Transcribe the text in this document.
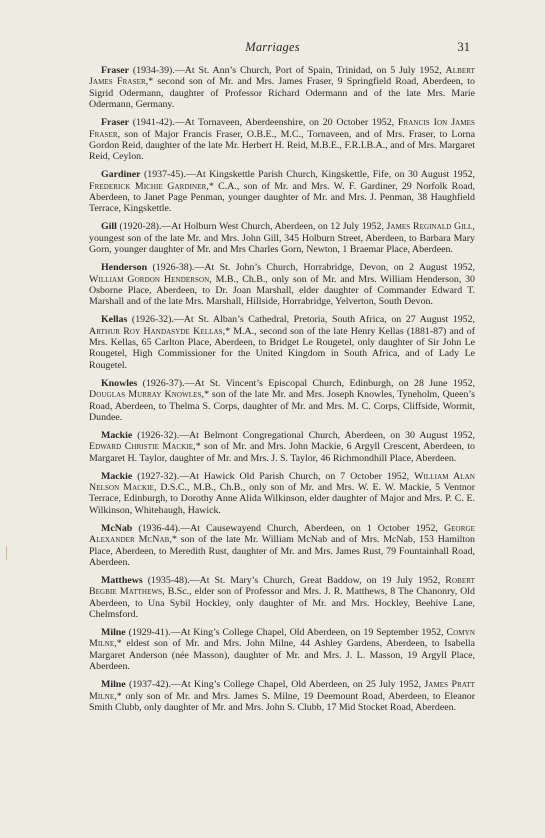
Marriages	31

Fraser (1934-39).—At St. Ann’s Church, Port of Spain, Trinidad, on 5 July 1952, Albert James Fraser,* second son of Mr. and Mrs. James Fraser, 9 Springfield Road, Aberdeen, to Sigrid Odermann, daughter of Professor Richard Odermann and of the late Mrs. Marie Odermann, Germany.

Fraser (1941-42).—At Tornaveen, Aberdeenshire, on 20 October 1952, Francis Ion James Fraser, son of Major Francis Fraser, O.B.E., M.C., Tornaveen, and of Mrs. Fraser, to Lorna Gordon Reid, daughter of the late Mr. Herbert H. Reid, M.B.E., F.R.I.B.A., and of Mrs. Margaret Reid, Ceylon.

Gardiner (1937-45).—At Kingskettle Parish Church, Kingskettle, Fife, on 30 August 1952, Frederick Michie Gardiner,* C.A., son of Mr. and Mrs. W. F. Gardiner, 29 Norfolk Road, Aberdeen, to Janet Page Penman, younger daughter of Mr. and Mrs. J. Penman, 38 Haughfield Terrace, Kingskettle.

Gill (1920-28).—At Holburn West Church, Aberdeen, on 12 July 1952, James Reginald Gill, youngest son of the late Mr. and Mrs. John Gill, 345 Holburn Street, Aberdeen, to Barbara Mary Gorn, younger daughter of Mr. and Mrs Charles Gorn, Newton, 1 Braemar Place, Aberdeen.

Henderson (1926-38).—At St. John’s Church, Horrabridge, Devon, on 2 August 1952, William Gordon Henderson, M.B., Ch.B., only son of Mr. and Mrs. William Henderson, 30 Osborne Place, Aberdeen, to Dr. Joan Marshall, elder daughter of Commander Edward T. Marshall and of the late Mrs. Marshall, Hillside, Horrabridge, Yelverton, South Devon.

Kellas (1926-32).—At St. Alban’s Cathedral, Pretoria, South Africa, on 27 August 1952, Arthur Roy Handasyde Kellas,* M.A., second son of the late Henry Kellas (1881-87) and of Mrs. Kellas, 65 Carlton Place, Aberdeen, to Bridget Le Rougetel, only daughter of Sir John Le Rougetel, High Commissioner for the United Kingdom in South Africa, and of Lady Le Rougetel.

Knowles (1926-37).—At St. Vincent’s Episcopal Church, Edinburgh, on 28 June 1952, Douglas Murray Knowles,* son of the late Mr. and Mrs. Joseph Knowles, Tyneholm, Queen’s Road, Aberdeen, to Thelma S. Corps, daughter of Mr. and Mrs. M. C. Corps, Cliffside, Wormit, Dundee.

Mackie (1926-32).—At Belmont Congregational Church, Aberdeen, on 30 August 1952, Edward Christie Mackie,* son of Mr. and Mrs. John Mackie, 6 Argyll Crescent, Aberdeen, to Margaret H. Taylor, daughter of Mr. and Mrs. J. S. Taylor, 46 Richmondhill Place, Aberdeen.

Mackie (1927-32).—At Hawick Old Parish Church, on 7 October 1952, William Alan Nelson Mackie, D.S.C., M.B., Ch.B., only son of Mr. and Mrs. W. E. W. Mackie, 5 Ventnor Terrace, Edinburgh, to Dorothy Anne Alida Wilkinson, elder daughter of Major and Mrs. P. C. E. Wilkinson, Whitehaugh, Hawick.

McNab (1936-44).—At Causewayend Church, Aberdeen, on 1 October 1952, George Alexander McNab,* son of the late Mr. William McNab and of Mrs. McNab, 153 Hamilton Place, Aberdeen, to Meredith Rust, daughter of Mr. and Mrs. James Rust, 79 Fountainhall Road, Aberdeen.

Matthews (1935-48).—At St. Mary’s Church, Great Baddow, on 19 July 1952, Robert Begbie Matthews, B.Sc., elder son of Professor and Mrs. J. R. Matthews, 8 The Chanonry, Old Aberdeen, to Una Sybil Hockley, only daughter of Mr. and Mrs. Hockley, Beehive Lane, Chelmsford.

Milne (1929-41).—At King’s College Chapel, Old Aberdeen, on 19 September 1952, Comyn Milne,* eldest son of Mr. and Mrs. John Milne, 44 Ashley Gardens, Aberdeen, to Isabella Margaret Anderson (née Masson), daughter of Mr. and Mrs. J. L. Masson, 19 Argyll Place, Aberdeen.

Milne (1937-42).—At King’s College Chapel, Old Aberdeen, on 25 July 1952, James Pratt Milne,* only son of Mr. and Mrs. James S. Milne, 19 Deemount Road, Aberdeen, to Eleanor Smith Clubb, only daughter of Mr. and Mrs. John S. Clubb, 17 Mid Stocket Road, Aberdeen.
